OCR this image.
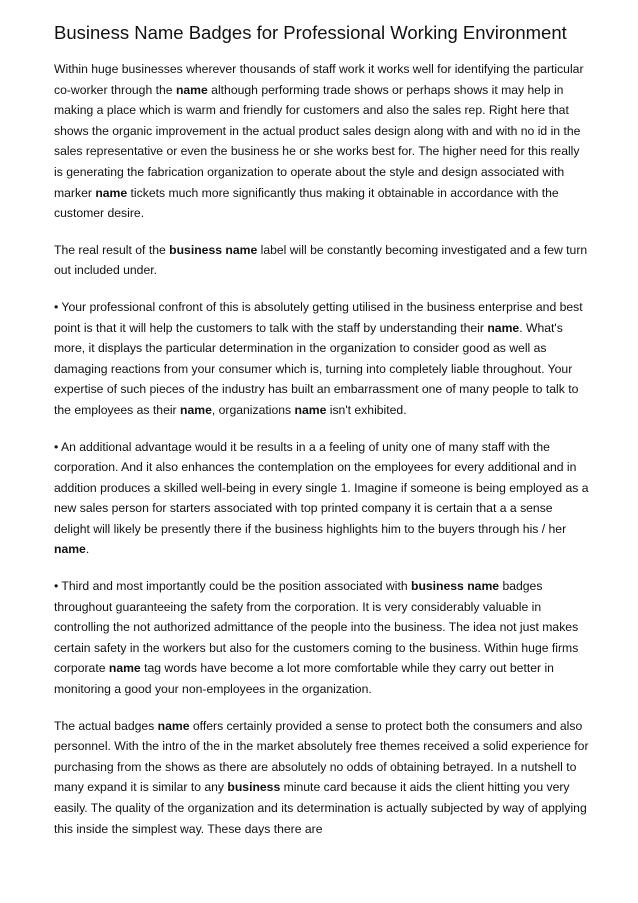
Business Name Badges for Professional Working Environment

Within huge businesses wherever thousands of staff work it works well for identifying the particular co-worker through the name although performing trade shows or perhaps shows it may help in making a place which is warm and friendly for customers and also the sales rep. Right here that shows the organic improvement in the actual product sales design along with and with no id in the sales representative or even the business he or she works best for. The higher need for this really is generating the fabrication organization to operate about the style and design associated with marker name tickets much more significantly thus making it obtainable in accordance with the customer desire.

The real result of the business name label will be constantly becoming investigated and a few turn out included under.

• Your professional confront of this is absolutely getting utilised in the business enterprise and best point is that it will help the customers to talk with the staff by understanding their name. What's more, it displays the particular determination in the organization to consider good as well as damaging reactions from your consumer which is, turning into completely liable throughout. Your expertise of such pieces of the industry has built an embarrassment one of many people to talk to the employees as their name, organizations name isn't exhibited.

• An additional advantage would it be results in a a feeling of unity one of many staff with the corporation. And it also enhances the contemplation on the employees for every additional and in addition produces a skilled well-being in every single 1. Imagine if someone is being employed as a new sales person for starters associated with top printed company it is certain that a a sense delight will likely be presently there if the business highlights him to the buyers through his / her name.

• Third and most importantly could be the position associated with business name badges throughout guaranteeing the safety from the corporation. It is very considerably valuable in controlling the not authorized admittance of the people into the business. The idea not just makes certain safety in the workers but also for the customers coming to the business. Within huge firms corporate name tag words have become a lot more comfortable while they carry out better in monitoring a good your non-employees in the organization.

The actual badges name offers certainly provided a sense to protect both the consumers and also personnel. With the intro of the in the market absolutely free themes received a solid experience for purchasing from the shows as there are absolutely no odds of obtaining betrayed. In a nutshell to many expand it is similar to any business minute card because it aids the client hitting you very easily. The quality of the organization and its determination is actually subjected by way of applying this inside the simplest way. These days there are
